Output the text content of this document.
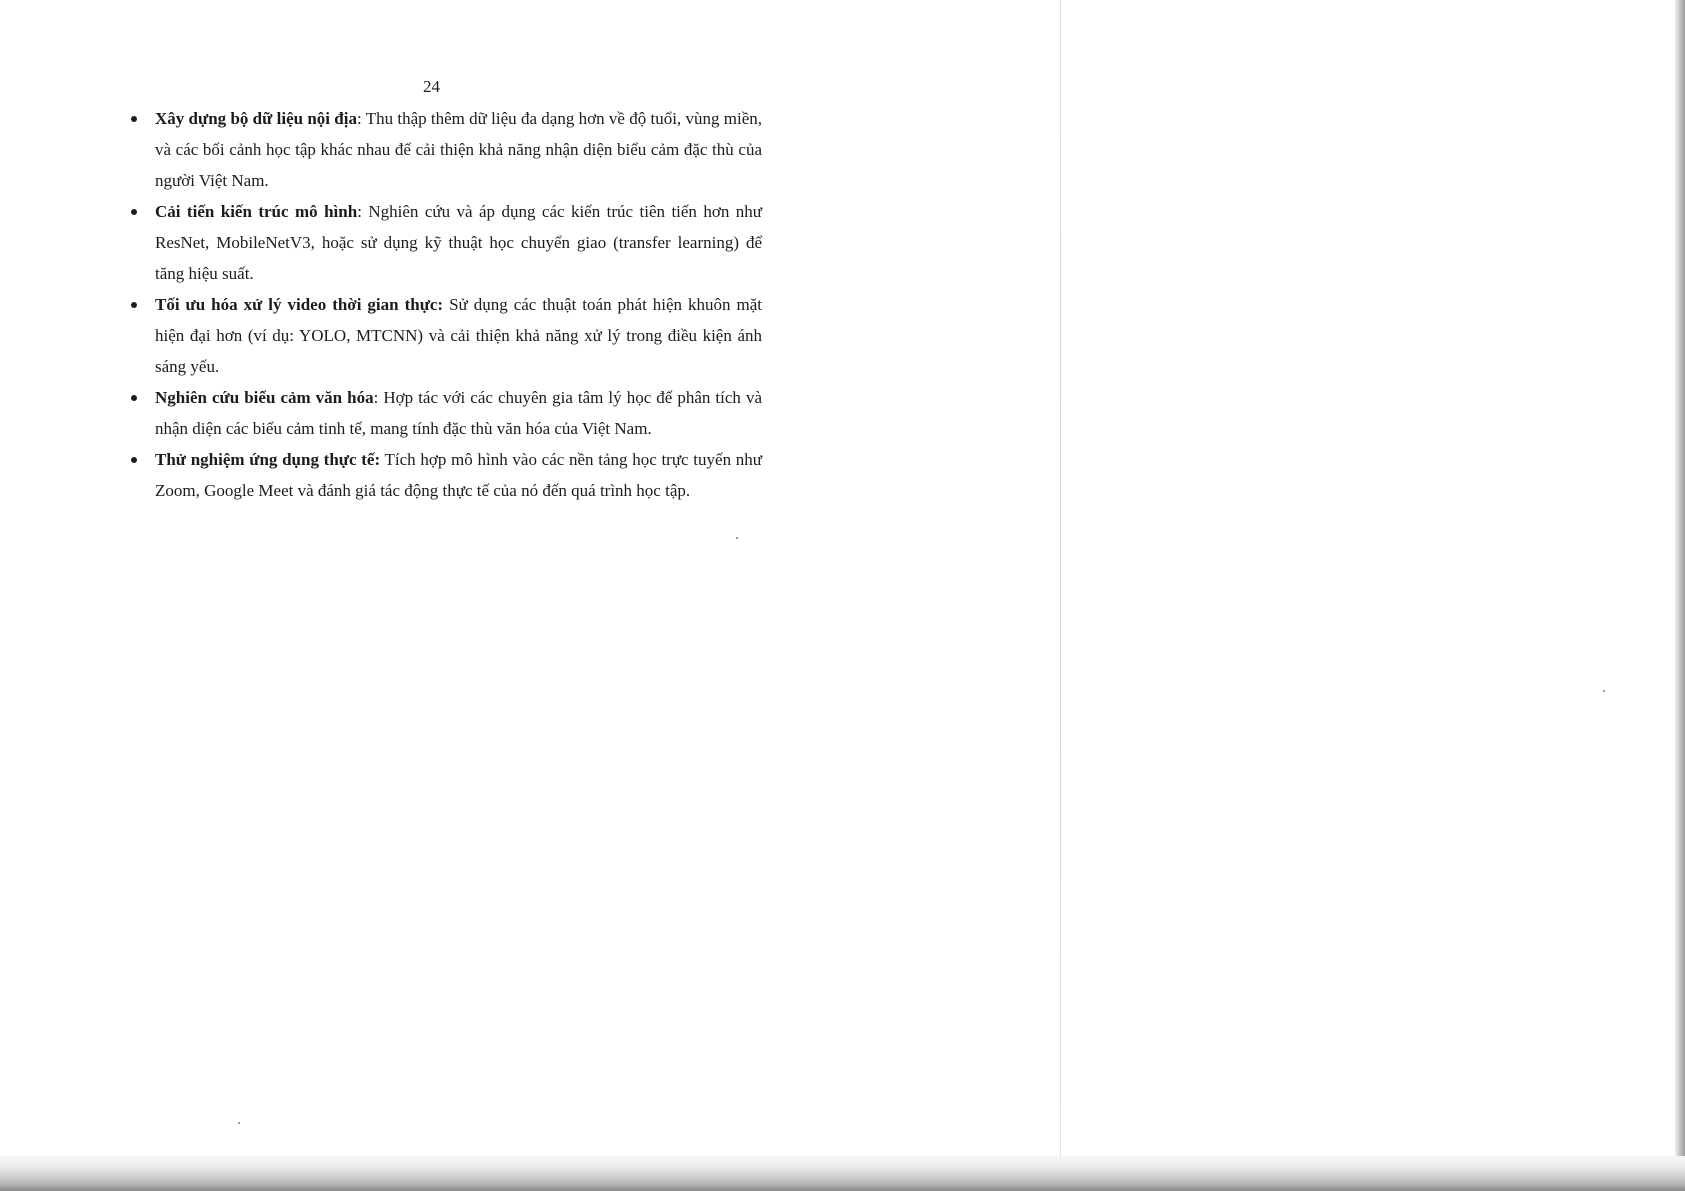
24
Xây dựng bộ dữ liệu nội địa: Thu thập thêm dữ liệu đa dạng hơn về độ tuổi, vùng miền, và các bối cảnh học tập khác nhau để cải thiện khả năng nhận diện biểu cảm đặc thù của người Việt Nam.
Cải tiến kiến trúc mô hình: Nghiên cứu và áp dụng các kiến trúc tiên tiến hơn như ResNet, MobileNetV3, hoặc sử dụng kỹ thuật học chuyển giao (transfer learning) để tăng hiệu suất.
Tối ưu hóa xử lý video thời gian thực: Sử dụng các thuật toán phát hiện khuôn mặt hiện đại hơn (ví dụ: YOLO, MTCNN) và cải thiện khả năng xử lý trong điều kiện ánh sáng yếu.
Nghiên cứu biểu cảm văn hóa: Hợp tác với các chuyên gia tâm lý học để phân tích và nhận diện các biểu cảm tinh tế, mang tính đặc thù văn hóa của Việt Nam.
Thử nghiệm ứng dụng thực tế: Tích hợp mô hình vào các nền tảng học trực tuyến như Zoom, Google Meet và đánh giá tác động thực tế của nó đến quá trình học tập.
